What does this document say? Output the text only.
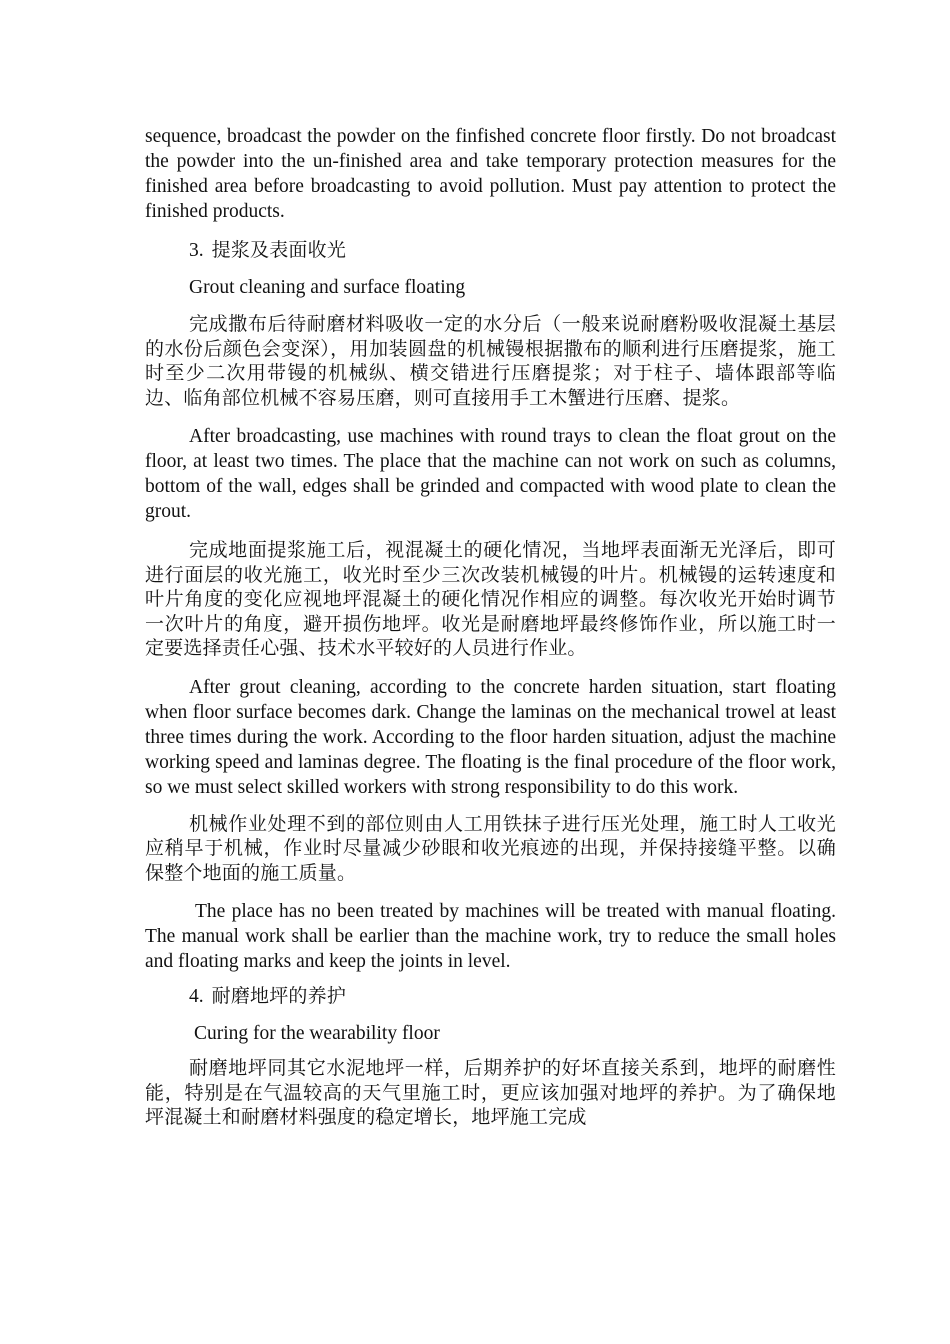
sequence, broadcast the powder on the finfished concrete floor firstly. Do not broadcast the powder into the un-finished area and take temporary protection measures for the finished area before broadcasting to avoid pollution. Must pay attention to protect the finished products.

3. 提浆及表面收光

Grout cleaning and surface floating

完成撒布后待耐磨材料吸收一定的水分后（一般来说耐磨粉吸收混凝土基层的水份后颜色会变深），用加装圆盘的机械镘根据撒布的顺利进行压磨提浆，施工时至少二次用带镘的机械纵、横交错进行压磨提浆；对于柱子、墙体跟部等临边、临角部位机械不容易压磨，则可直接用手工木蟹进行压磨、提浆。

After broadcasting, use machines with round trays to clean the float grout on the floor, at least two times. The place that the machine can not work on such as columns, bottom of the wall, edges shall be grinded and compacted with wood plate to clean the grout.

完成地面提浆施工后，视混凝土的硬化情况，当地坪表面渐无光泽后，即可进行面层的收光施工，收光时至少三次改装机械镘的叶片。机械镘的运转速度和叶片角度的变化应视地坪混凝土的硬化情况作相应的调整。每次收光开始时调节一次叶片的角度，避开损伤地坪。收光是耐磨地坪最终修饰作业，所以施工时一定要选择责任心强、技术水平较好的人员进行作业。

After grout cleaning, according to the concrete harden situation, start floating when floor surface becomes dark. Change the laminas on the mechanical trowel at least three times during the work. According to the floor harden situation, adjust the machine working speed and laminas degree. The floating is the final procedure of the floor work, so we must select skilled workers with strong responsibility to do this work.

机械作业处理不到的部位则由人工用铁抹子进行压光处理，施工时人工收光应稍早于机械，作业时尽量减少砂眼和收光痕迹的出现，并保持接缝平整。以确保整个地面的施工质量。

The place has no been treated by machines will be treated with manual floating. The manual work shall be earlier than the machine work, try to reduce the small holes and floating marks and keep the joints in level.

4. 耐磨地坪的养护

Curing for the wearability floor

耐磨地坪同其它水泥地坪一样，后期养护的好坏直接关系到，地坪的耐磨性能，特别是在气温较高的天气里施工时，更应该加强对地坪的养护。为了确保地坪混凝土和耐磨材料强度的稳定增长，地坪施工完成
